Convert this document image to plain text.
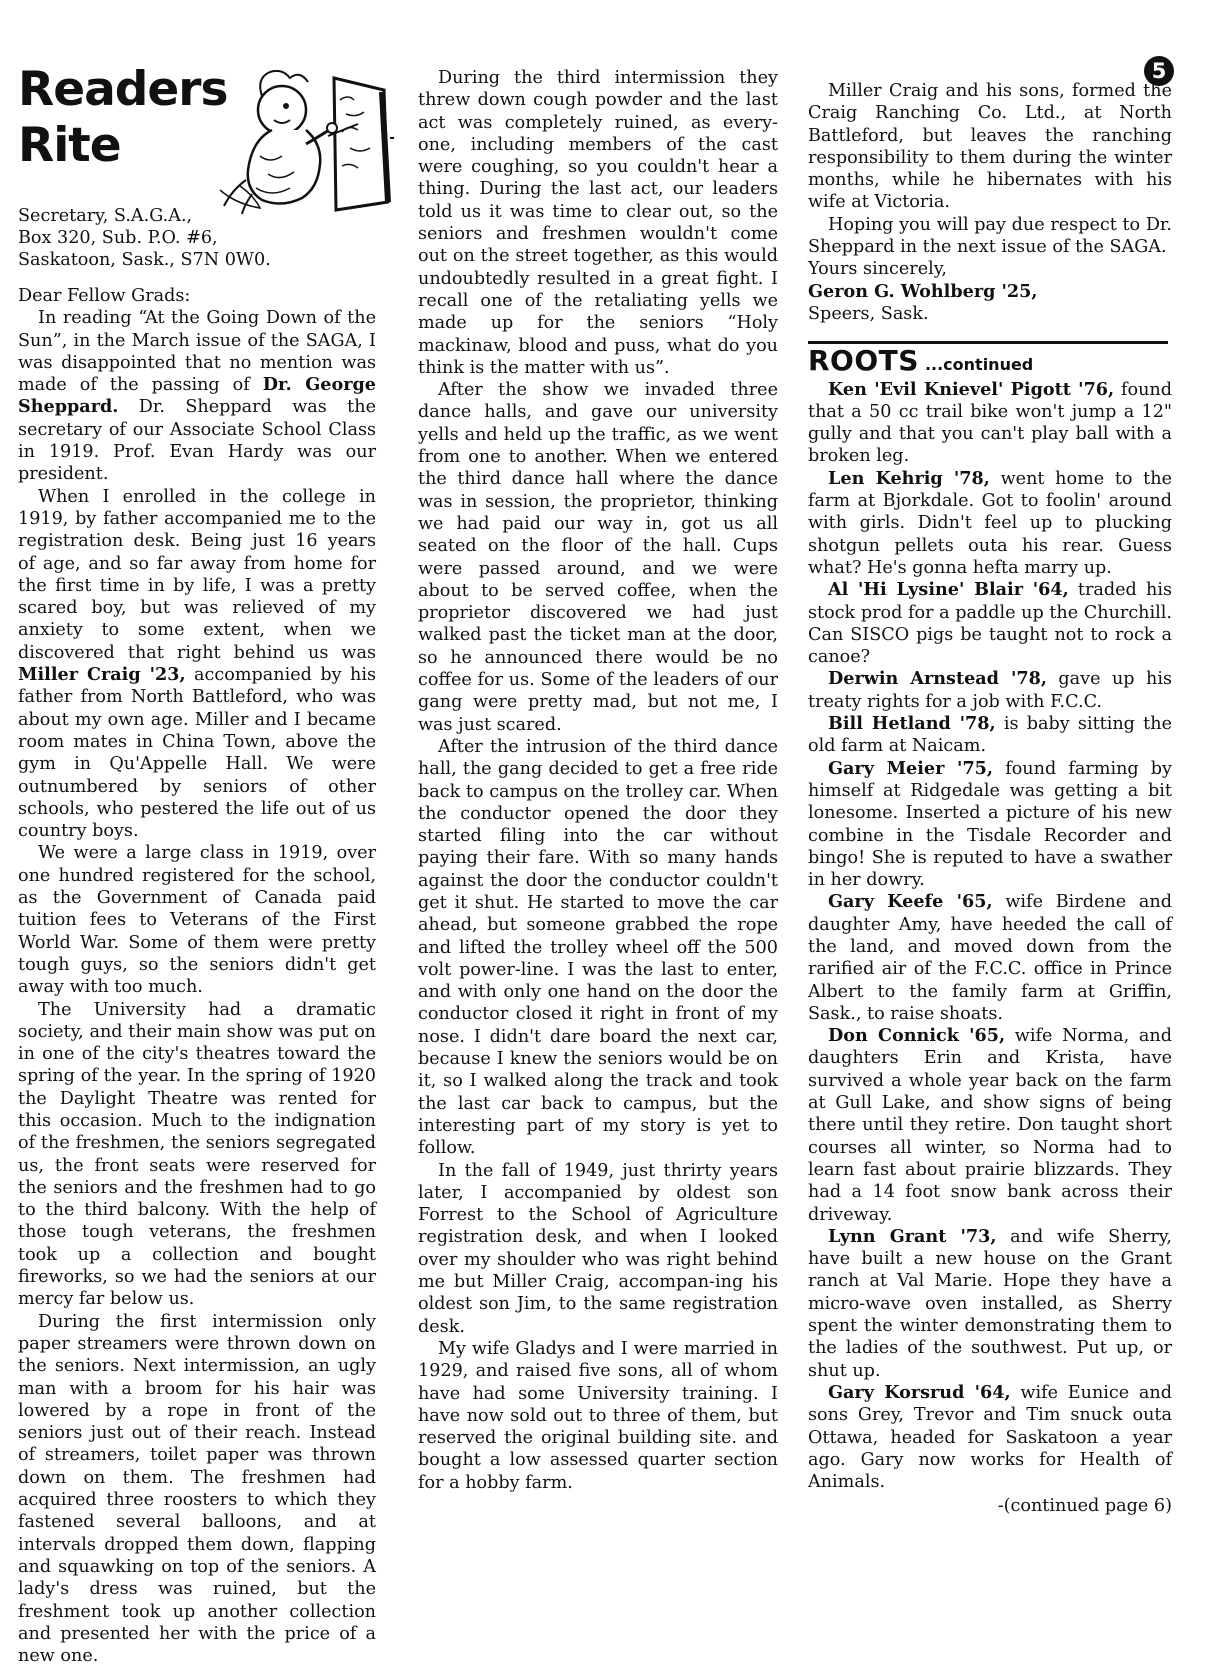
5
Readers
Rite
Secretary, S.A.G.A.,
Box 320, Sub. P.O. #6,
Saskatoon, Sask., S7N 0W0.

Dear Fellow Grads:

In reading “At the Going Down of the Sun”, in the March issue of the SAGA, I was disappointed that no mention was made of the passing of Dr. George Sheppard. Dr. Sheppard was the secretary of our Associate School Class in 1919. Prof. Evan Hardy was our president.

When I enrolled in the college in 1919, by father accompanied me to the registration desk. Being just 16 years of age, and so far away from home for the first time in by life, I was a pretty scared boy, but was relieved of my anxiety to some extent, when we discovered that right behind us was Miller Craig '23, accompanied by his father from North Battleford, who was about my own age. Miller and I became room mates in China Town, above the gym in Qu'Appelle Hall. We were outnumbered by seniors of other schools, who pestered the life out of us country boys.

We were a large class in 1919, over one hundred registered for the school, as the Government of Canada paid tuition fees to Veterans of the First World War. Some of them were pretty tough guys, so the seniors didn't get away with too much.

The University had a dramatic society, and their main show was put on in one of the city's theatres toward the spring of the year. In the spring of 1920 the Daylight Theatre was rented for this occasion. Much to the indignation of the freshmen, the seniors segregated us, the front seats were reserved for the seniors and the freshmen had to go to the third balcony. With the help of those tough veterans, the freshmen took up a collection and bought fireworks, so we had the seniors at our mercy far below us.

During the first intermission only paper streamers were thrown down on the seniors. Next intermission, an ugly man with a broom for his hair was lowered by a rope in front of the seniors just out of their reach. Instead of streamers, toilet paper was thrown down on them. The freshmen had acquired three roosters to which they fastened several balloons, and at intervals dropped them down, flapping and squawking on top of the seniors. A lady's dress was ruined, but the freshment took up another collection and presented her with the price of a new one.

During the third intermission they threw down cough powder and the last act was completely ruined, as every-one, including members of the cast were coughing, so you couldn't hear a thing. During the last act, our leaders told us it was time to clear out, so the seniors and freshmen wouldn't come out on the street together, as this would undoubtedly resulted in a great fight. I recall one of the retaliating yells we made up for the seniors “Holy mackinaw, blood and puss, what do you think is the matter with us”.

After the show we invaded three dance halls, and gave our university yells and held up the traffic, as we went from one to another. When we entered the third dance hall where the dance was in session, the proprietor, thinking we had paid our way in, got us all seated on the floor of the hall. Cups were passed around, and we were about to be served coffee, when the proprietor discovered we had just walked past the ticket man at the door, so he announced there would be no coffee for us. Some of the leaders of our gang were pretty mad, but not me, I was just scared.

After the intrusion of the third dance hall, the gang decided to get a free ride back to campus on the trolley car. When the conductor opened the door they started filing into the car without paying their fare. With so many hands against the door the conductor couldn't get it shut. He started to move the car ahead, but someone grabbed the rope and lifted the trolley wheel off the 500 volt power-line. I was the last to enter, and with only one hand on the door the conductor closed it right in front of my nose. I didn't dare board the next car, because I knew the seniors would be on it, so I walked along the track and took the last car back to campus, but the interesting part of my story is yet to follow.

In the fall of 1949, just thrirty years later, I accompanied by oldest son Forrest to the School of Agriculture registration desk, and when I looked over my shoulder who was right behind me but Miller Craig, accompan-ing his oldest son Jim, to the same registration desk.

My wife Gladys and I were married in 1929, and raised five sons, all of whom have had some University training. I have now sold out to three of them, but reserved the original building site. and bought a low assessed quarter section for a hobby farm.

Miller Craig and his sons, formed the Craig Ranching Co. Ltd., at North Battleford, but leaves the ranching responsibility to them during the winter months, while he hibernates with his wife at Victoria.

Hoping you will pay due respect to Dr. Sheppard in the next issue of the SAGA.

Yours sincerely,

Geron G. Wohlberg '25,

Speers, Sask.

ROOTS ...continued

Ken 'Evil Knievel' Pigott '76, found that a 50 cc trail bike won't jump a 12" gully and that you can't play ball with a broken leg.

Len Kehrig '78, went home to the farm at Bjorkdale. Got to foolin' around with girls. Didn't feel up to plucking shotgun pellets outa his rear. Guess what? He's gonna hefta marry up.

Al 'Hi Lysine' Blair '64, traded his stock prod for a paddle up the Churchill. Can SISCO pigs be taught not to rock a canoe?

Derwin Arnstead '78, gave up his treaty rights for a job with F.C.C.

Bill Hetland '78, is baby sitting the old farm at Naicam.

Gary Meier '75, found farming by himself at Ridgedale was getting a bit lonesome. Inserted a picture of his new combine in the Tisdale Recorder and bingo! She is reputed to have a swather in her dowry.

Gary Keefe '65, wife Birdene and daughter Amy, have heeded the call of the land, and moved down from the rarified air of the F.C.C. office in Prince Albert to the family farm at Griffin, Sask., to raise shoats.

Don Connick '65, wife Norma, and daughters Erin and Krista, have survived a whole year back on the farm at Gull Lake, and show signs of being there until they retire. Don taught short courses all winter, so Norma had to learn fast about prairie blizzards. They had a 14 foot snow bank across their driveway.

Lynn Grant '73, and wife Sherry, have built a new house on the Grant ranch at Val Marie. Hope they have a micro-wave oven installed, as Sherry spent the winter demonstrating them to the ladies of the southwest. Put up, or shut up.

Gary Korsrud '64, wife Eunice and sons Grey, Trevor and Tim snuck outa Ottawa, headed for Saskatoon a year ago. Gary now works for Health of Animals.

-(continued page 6)
